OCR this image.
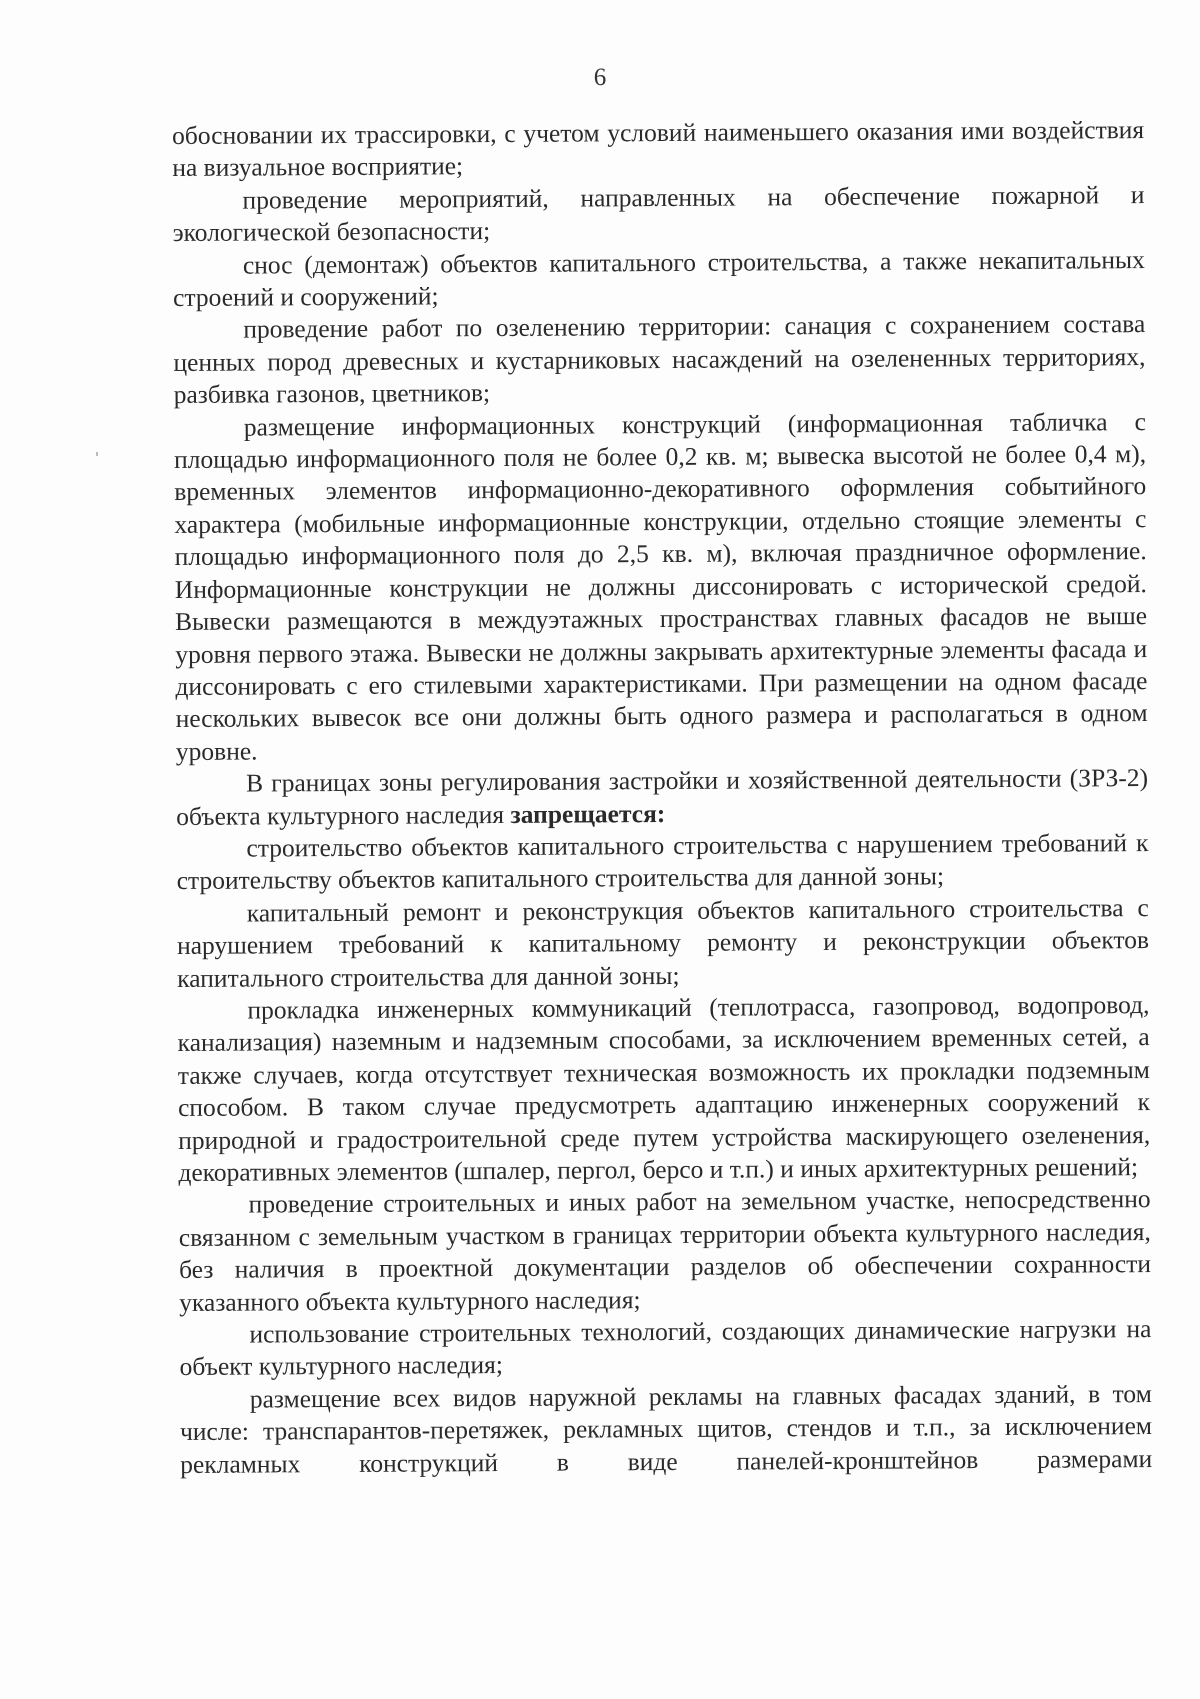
6

обосновании их трассировки, с учетом условий наименьшего оказания ими воздействия на визуальное восприятие;

проведение мероприятий, направленных на обеспечение пожарной и экологической безопасности;

снос (демонтаж) объектов капитального строительства, а также некапитальных строений и сооружений;

проведение работ по озеленению территории: санация с сохранением состава ценных пород древесных и кустарниковых насаждений на озелененных территориях, разбивка газонов, цветников;

размещение информационных конструкций (информационная табличка с площадью информационного поля не более 0,2 кв. м; вывеска высотой не более 0,4 м), временных элементов информационно-декоративного оформления событийного характера (мобильные информационные конструкции, отдельно стоящие элементы с площадью информационного поля до 2,5 кв. м), включая праздничное оформление. Информационные конструкции не должны диссонировать с исторической средой. Вывески размещаются в междуэтажных пространствах главных фасадов не выше уровня первого этажа. Вывески не должны закрывать архитектурные элементы фасада и диссонировать с его стилевыми характеристиками. При размещении на одном фасаде нескольких вывесок все они должны быть одного размера и располагаться в одном уровне.

В границах зоны регулирования застройки и хозяйственной деятельности (ЗРЗ-2) объекта культурного наследия запрещается:

строительство объектов капитального строительства с нарушением требований к строительству объектов капитального строительства для данной зоны;

капитальный ремонт и реконструкция объектов капитального строительства с нарушением требований к капитальному ремонту и реконструкции объектов капитального строительства для данной зоны;

прокладка инженерных коммуникаций (теплотрасса, газопровод, водопровод, канализация) наземным и надземным способами, за исключением временных сетей, а также случаев, когда отсутствует техническая возможность их прокладки подземным способом. В таком случае предусмотреть адаптацию инженерных сооружений к природной и градостроительной среде путем устройства маскирующего озеленения, декоративных элементов (шпалер, пергол, берсо и т.п.) и иных архитектурных решений;

проведение строительных и иных работ на земельном участке, непосредственно связанном с земельным участком в границах территории объекта культурного наследия, без наличия в проектной документации разделов об обеспечении сохранности указанного объекта культурного наследия;

использование строительных технологий, создающих динамические нагрузки на объект культурного наследия;

размещение всех видов наружной рекламы на главных фасадах зданий, в том числе: транспарантов-перетяжек, рекламных щитов, стендов и т.п., за исключением рекламных конструкций в виде панелей-кронштейнов размерами
